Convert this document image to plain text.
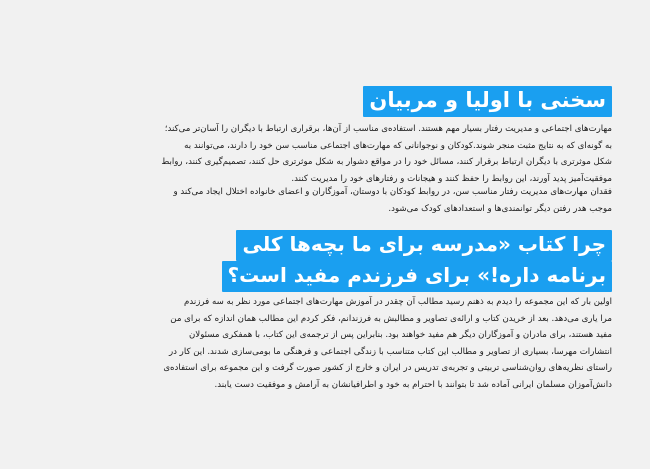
سخنی با اولیا و مربیان
مهارت‌های اجتماعی و مدیریت رفتار بسیار مهم هستند. استفاده‌ی مناسب از آن‌ها، برقراری ارتباط با دیگران را آسان‌تر می‌کند؛
به گونه‌ای که به نتایج مثبت منجر شوند.کودکان و نوجوانانی که مهارت‌های اجتماعی مناسب سن خود را دارند، می‌توانند به
شکل موثرتری با دیگران ارتباط برقرار کنند، مسائل خود را در مواقع دشوار به شکل موثرتری حل کنند، تصمیم‌گیری کنند، روابط
موفقیت‌آمیز پدید آورند، این روابط را حفظ کنند و هیجانات و رفتارهای خود را مدیریت کنند.
فقدان مهارت‌های مدیریت رفتار مناسب سن، در روابط کودکان با دوستان، آموزگاران و اعضای خانواده اختلال ایجاد می‌کند و
موجب هدر رفتن دیگر توانمندی‌ها و استعدادهای کودک می‌شود.
چرا کتاب «مدرسه برای ما بچه‌ها کلی
برنامه داره!» برای فرزندم مفید است؟
اولین بار که این مجموعه را دیدم به ذهنم رسید مطالب آن چقدر در آموزش مهارت‌های اجتماعی مورد نظر به سه فرزندم
مرا یاری می‌دهد. بعد از خریدن کتاب و ارائه‌ی تصاویر و مطالبش به فرزندانم، فکر کردم این مطالب همان اندازه که برای من
مفید هستند، برای مادران و آموزگاران دیگر هم مفید خواهند بود. بنابراین پس از ترجمه‌ی این کتاب، با همفکری مسئولان
انتشارات مهرسا، بسیاری از تصاویر و مطالب این کتاب متناسب با زندگی اجتماعی و فرهنگی ما بومی‌سازی شدند. این کار در
راستای نظریه‌های روان‌شناسی تربیتی و تجربه‌ی تدریس در ایران و خارج از کشور صورت گرفت و این مجموعه برای استفاده‌ی
دانش‌آموزان مسلمان ایرانی آماده شد تا بتوانند با احترام به خود و اطرافیانشان به آرامش و موفقیت دست یابند.
